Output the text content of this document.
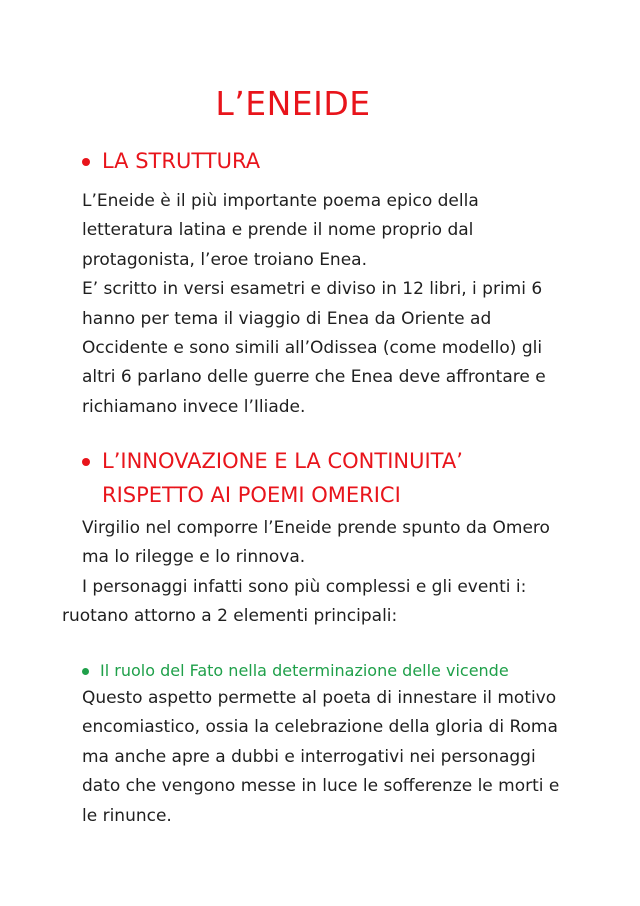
L’ENEIDE
LA STRUTTURA
L’Eneide è il più importante poema epico della
letteratura latina e prende il nome proprio dal
protagonista, l’eroe troiano Enea.
E’ scritto in versi esametri e diviso in 12 libri, i primi 6
hanno per tema il viaggio di Enea da Oriente ad
Occidente e sono simili all’Odissea (come modello) gli
altri 6 parlano delle guerre che Enea deve affrontare e
richiamano invece l’Iliade.
L’INNOVAZIONE E LA CONTINUITA’
RISPETTO AI POEMI OMERICI
Virgilio nel comporre l’Eneide prende spunto da Omero
ma lo rilegge e lo rinnova.
I personaggi infatti sono più complessi e gli eventi i:
ruotano attorno a 2 elementi principali:
Il ruolo del Fato nella determinazione delle vicende
Questo aspetto permette al poeta di innestare il motivo
encomiastico, ossia la celebrazione della gloria di Roma
ma anche apre a dubbi e interrogativi nei personaggi
dato che vengono messe in luce le sofferenze le morti e
le rinunce.
